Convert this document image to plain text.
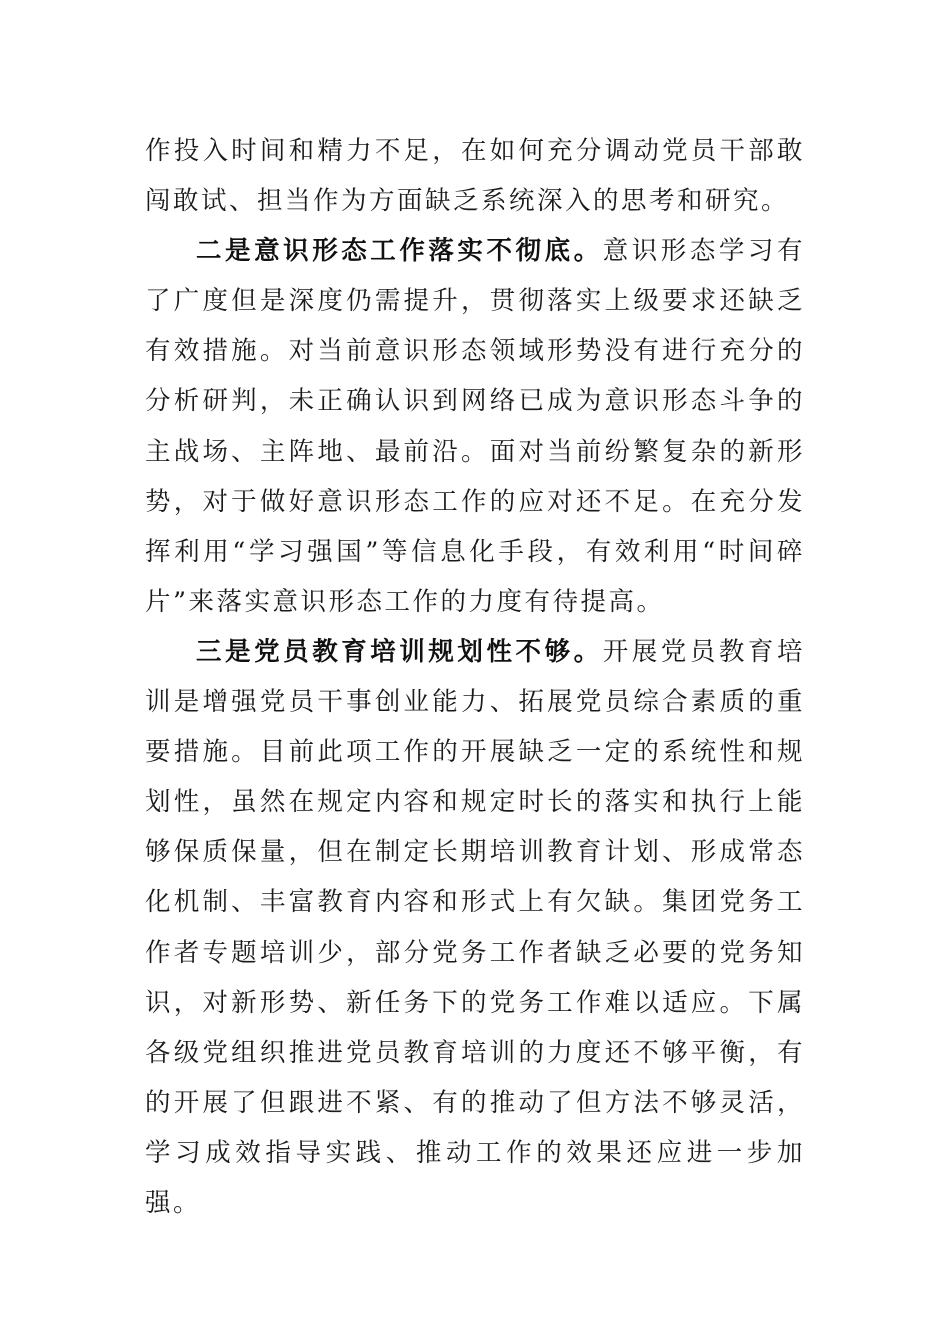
作投入时间和精力不足，在如何充分调动党员干部敢闯敢试、担当作为方面缺乏系统深入的思考和研究。

二是意识形态工作落实不彻底。意识形态学习有了广度但是深度仍需提升，贯彻落实上级要求还缺乏有效措施。对当前意识形态领域形势没有进行充分的分析研判，未正确认识到网络已成为意识形态斗争的主战场、主阵地、最前沿。面对当前纷繁复杂的新形势，对于做好意识形态工作的应对还不足。在充分发挥利用“学习强国”等信息化手段，有效利用“时间碎片”来落实意识形态工作的力度有待提高。

三是党员教育培训规划性不够。开展党员教育培训是增强党员干事创业能力、拓展党员综合素质的重要措施。目前此项工作的开展缺乏一定的系统性和规划性，虽然在规定内容和规定时长的落实和执行上能够保质保量，但在制定长期培训教育计划、形成常态化机制、丰富教育内容和形式上有欠缺。集团党务工作者专题培训少，部分党务工作者缺乏必要的党务知识，对新形势、新任务下的党务工作难以适应。下属各级党组织推进党员教育培训的力度还不够平衡，有的开展了但跟进不紧、有的推动了但方法不够灵活，学习成效指导实践、推动工作的效果还应进一步加强。
